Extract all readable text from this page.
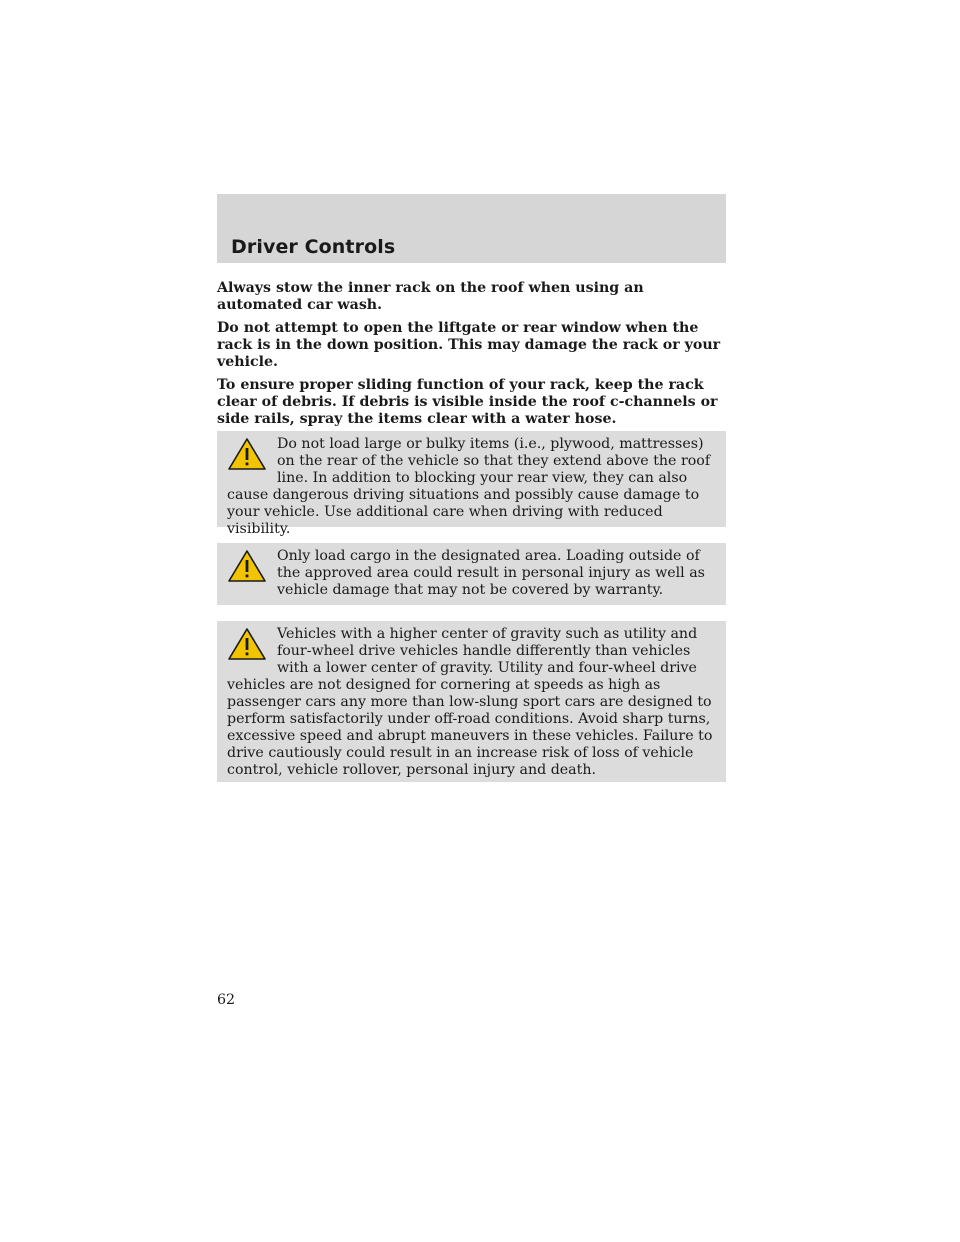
Driver Controls

Always stow the inner rack on the roof when using an automated car wash.

Do not attempt to open the liftgate or rear window when the rack is in the down position. This may damage the rack or your vehicle.

To ensure proper sliding function of your rack, keep the rack clear of debris. If debris is visible inside the roof c-channels or side rails, spray the items clear with a water hose.

Do not load large or bulky items (i.e., plywood, mattresses) on the rear of the vehicle so that they extend above the roof line. In addition to blocking your rear view, they can also cause dangerous driving situations and possibly cause damage to your vehicle. Use additional care when driving with reduced visibility.

Only load cargo in the designated area. Loading outside of the approved area could result in personal injury as well as vehicle damage that may not be covered by warranty.

Vehicles with a higher center of gravity such as utility and four-wheel drive vehicles handle differently than vehicles with a lower center of gravity. Utility and four-wheel drive vehicles are not designed for cornering at speeds as high as passenger cars any more than low-slung sport cars are designed to perform satisfactorily under off-road conditions. Avoid sharp turns, excessive speed and abrupt maneuvers in these vehicles. Failure to drive cautiously could result in an increase risk of loss of vehicle control, vehicle rollover, personal injury and death.

62
